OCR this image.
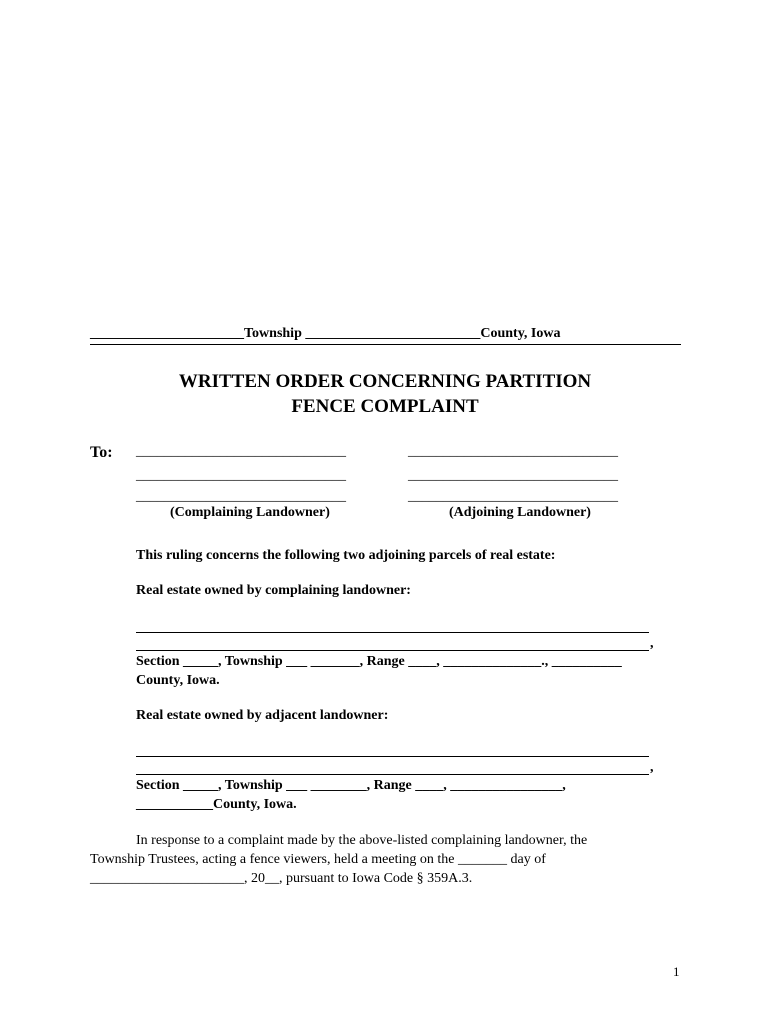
______________________Township _________________________County, Iowa
WRITTEN ORDER CONCERNING PARTITION
FENCE COMPLAINT
To: ______________________________
______________________________
______________________________
______________________________
______________________________
______________________________
(Complaining Landowner)	(Adjoining Landowner)
This ruling concerns the following two adjoining parcels of real estate:
Real estate owned by complaining landowner:
,
Section _____, Township ___ _______, Range ____, ______________., __________
County, Iowa.
Real estate owned by adjacent landowner:
,
Section _____, Township ___ ________, Range ____, ________________,
___________County, Iowa.
In response to a complaint made by the above-listed complaining landowner, the
Township Trustees, acting a fence viewers, held a meeting on the _______ day of
______________________, 20__, pursuant to Iowa Code § 359A.3.
1
